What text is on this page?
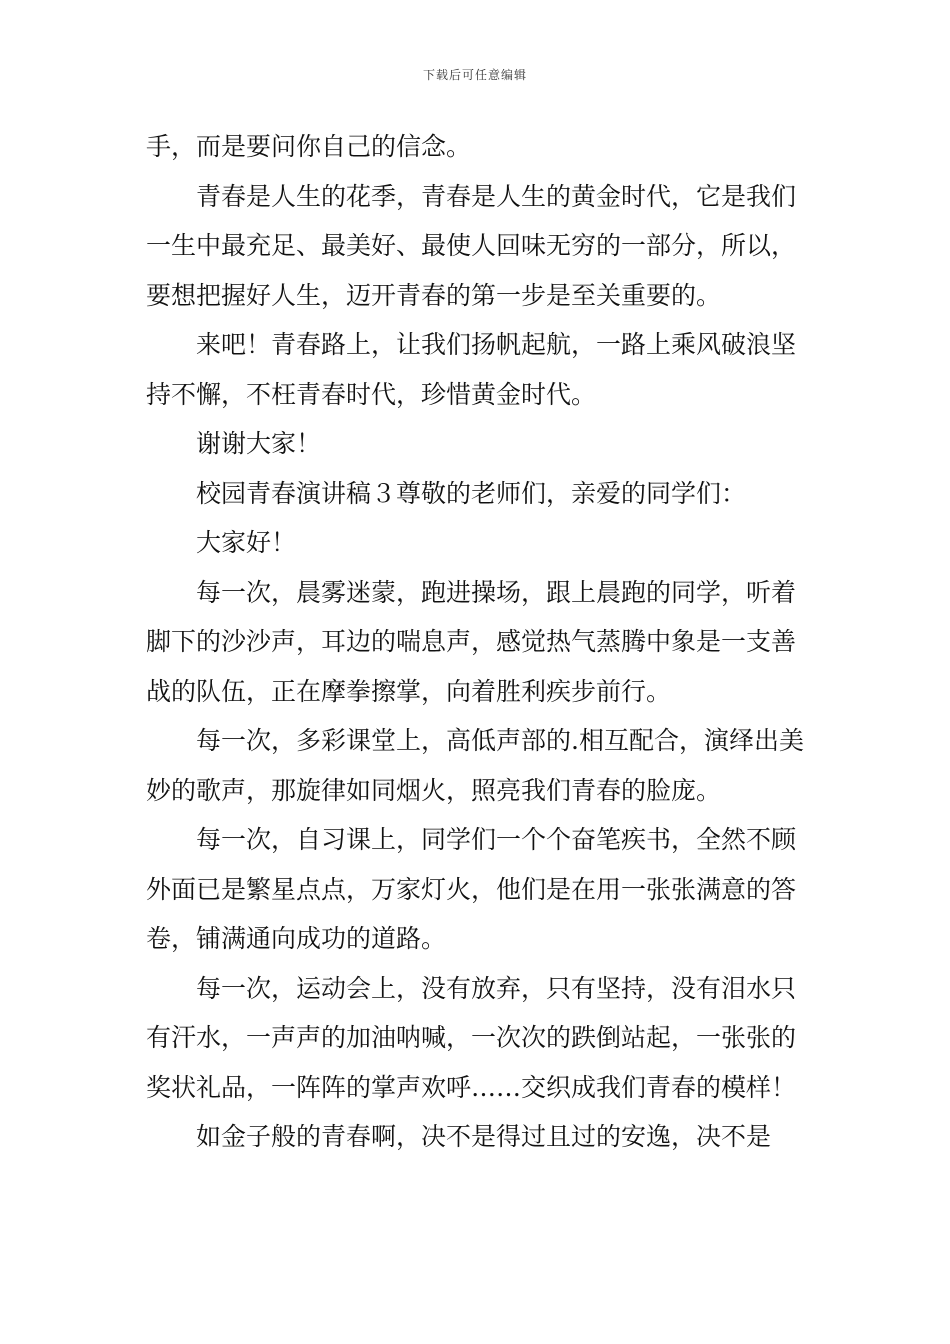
下载后可任意编辑

手，而是要问你自己的信念。

青春是人生的花季，青春是人生的黄金时代，它是我们一生中最充足、最美好、最使人回味无穷的一部分，所以，要想把握好人生，迈开青春的第一步是至关重要的。

来吧！青春路上，让我们扬帆起航，一路上乘风破浪坚持不懈，不枉青春时代，珍惜黄金时代。

谢谢大家！

校园青春演讲稿３尊敬的老师们，亲爱的同学们：

大家好！

每一次，晨雾迷蒙，跑进操场，跟上晨跑的同学，听着脚下的沙沙声，耳边的喘息声，感觉热气蒸腾中象是一支善战的队伍，正在摩拳擦掌，向着胜利疾步前行。

每一次，多彩课堂上，高低声部的.相互配合，演绎出美妙的歌声，那旋律如同烟火，照亮我们青春的脸庞。

每一次，自习课上，同学们一个个奋笔疾书，全然不顾外面已是繁星点点，万家灯火，他们是在用一张张满意的答卷，铺满通向成功的道路。

每一次，运动会上，没有放弃，只有坚持，没有泪水只有汗水，一声声的加油呐喊，一次次的跌倒站起，一张张的奖状礼品，一阵阵的掌声欢呼……交织成我们青春的模样！

如金子般的青春啊，决不是得过且过的安逸，决不是
